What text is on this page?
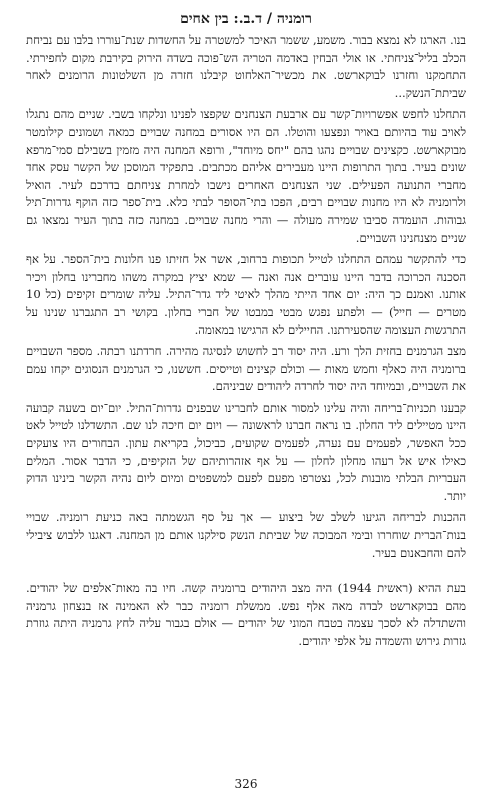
רומניה / ד.ב.: בין אחים

בנו. הארגז לא נמצא בבור. משמע, ששמר האיכר למשטרה על החשדות שנת־עוררו בלבו עם נביחת הכלב בליל־צניחתי. או אולי הבחין באדמה הטריה הש־פוכה בשדה הירוק בקירבת מקום לחפירתי. התחמקנו וחזרנו לבוקארשט. את מכשיר־האלחוט קיבלנו חזרה מן השלטונות הרומנים לאחר שביתת־הנשק...

התחלנו לחפש אפשרויות־קשר עם ארבעת הצנחנים שקפצו לפנינו ונלקחו בשבי. שניים מהם נתגלו לאויב עוד בהיותם באויר ונפצעו והוטלו. הם היו אסורים במחנה שבויים כמאה ושמונים קילומטר מבוקארשט. כקצינים שבויים נהגו בהם "יחס מיוחד", ורופא המחנה היה מזמין בשבילם סמי־מרפא שונים בעיר. בתוך התרופות היינו מעבירים אליהם מכתבים. בתפקיד המוסכן של הקשר עסק אחד מחברי התנועה הפעילים. שני הצנחנים האחרים נישבו למחרת צניחתם בדרכם לעיר. הואיל ולרומניה לא היו מחנות שבויים רבים, הפכו בתי־הסופר לבתי כלא. בית־ספר כזה הוקף גדרות־תיל גבוהות. הועמדה סביבו שמירה מעולה — והרי מחנה שבויים. במחנה כזה בתוך העיר נמצאו גם שניים מצנחנינו השבויים.

כדי להתקשר עמהם התחלנו לטייל תכופות ברחוב, אשר אל חזיתו פנו חלונות בית־הספר. על אף הסכנה הכרוכה בדבר היינו עוברים אנה ואנה — שמא יציץ במקרה משהו מחברינו בחלון ויכיר אותנו. ואמנם כך היה: יום אחד הייתי מהלך לאיטי ליד גדר־התיל. עליה שומרים זקיפים (כל 10 מטרים — חייל) — ולפתע נפגש מבטי במבטו של חברי בחלון. בקושי רב התגברנו שנינו על התרגשות העצומה שהסעירתנו. החיילים לא הרגישו במאומה.

מצב הגרמנים בחזית הלך ורע. היה יסוד רב לחשוש לנסיגה מהירה. חרדתנו רבתה. מספר השבויים ברומניה היה כאלף וחמש מאות — וכולם קצינים וטייסים. חששנו, כי הגרמנים הנסוגים יקחו עמם את השבויים, ובמיוחד היה יסוד לחרדה ליהודים שביניהם.

קבענו תכניות־בריחה והיה עלינו למסור אותם לחברינו שבפנים גדרות־התיל. יום־יום בשעה קבועה היינו מטיילים ליד החלון. בו נראה חברנו לראשונה — ויום יום חיכה לנו שם. התשדלנו לטייל לאט ככל האפשר, לפעמים עם נערה, לפעמים שקועים, כביכול, בקריאת עתון. הבחורים היו צועקים כאילו איש אל רעהו מחלון לחלון — על אף אזהרותיהם של הזקיפים, כי הדבר אסור. המלים העבריות הבלתי מובנות לכל, נצטרפו מפעם לפעם למשפטים ומיום ליום נהיה הקשר בינינו הדוק יותר.

ההכנות לבריחה הגיעו לשלב של ביצוע — אך על סף הגשמתה באה כניעת רומניה. שבויי בנות־הברית שוחררו ובימי המבוכה של שביתת הנשק סילקנו אותם מן המחנה. דאגנו ללבוש ציבילי להם והחבאנום בעיר.

בעת ההיא (ראשית 1944) היה מצב היהודים ברומניה קשה. חיו בה מאות־אלפים של יהודים. מהם בבוקארשט לבדה מאה אלף נפש. ממשלת רומניה כבר לא האמינה אז בנצחון גרמניה והשתדלה לא לסכך עצמה בטבח המוני של יהודים — אולם בגבור עליה לחץ גרמניה היתה גוזרת גזרות גירוש והשמדה על אלפי יהודים.

326
